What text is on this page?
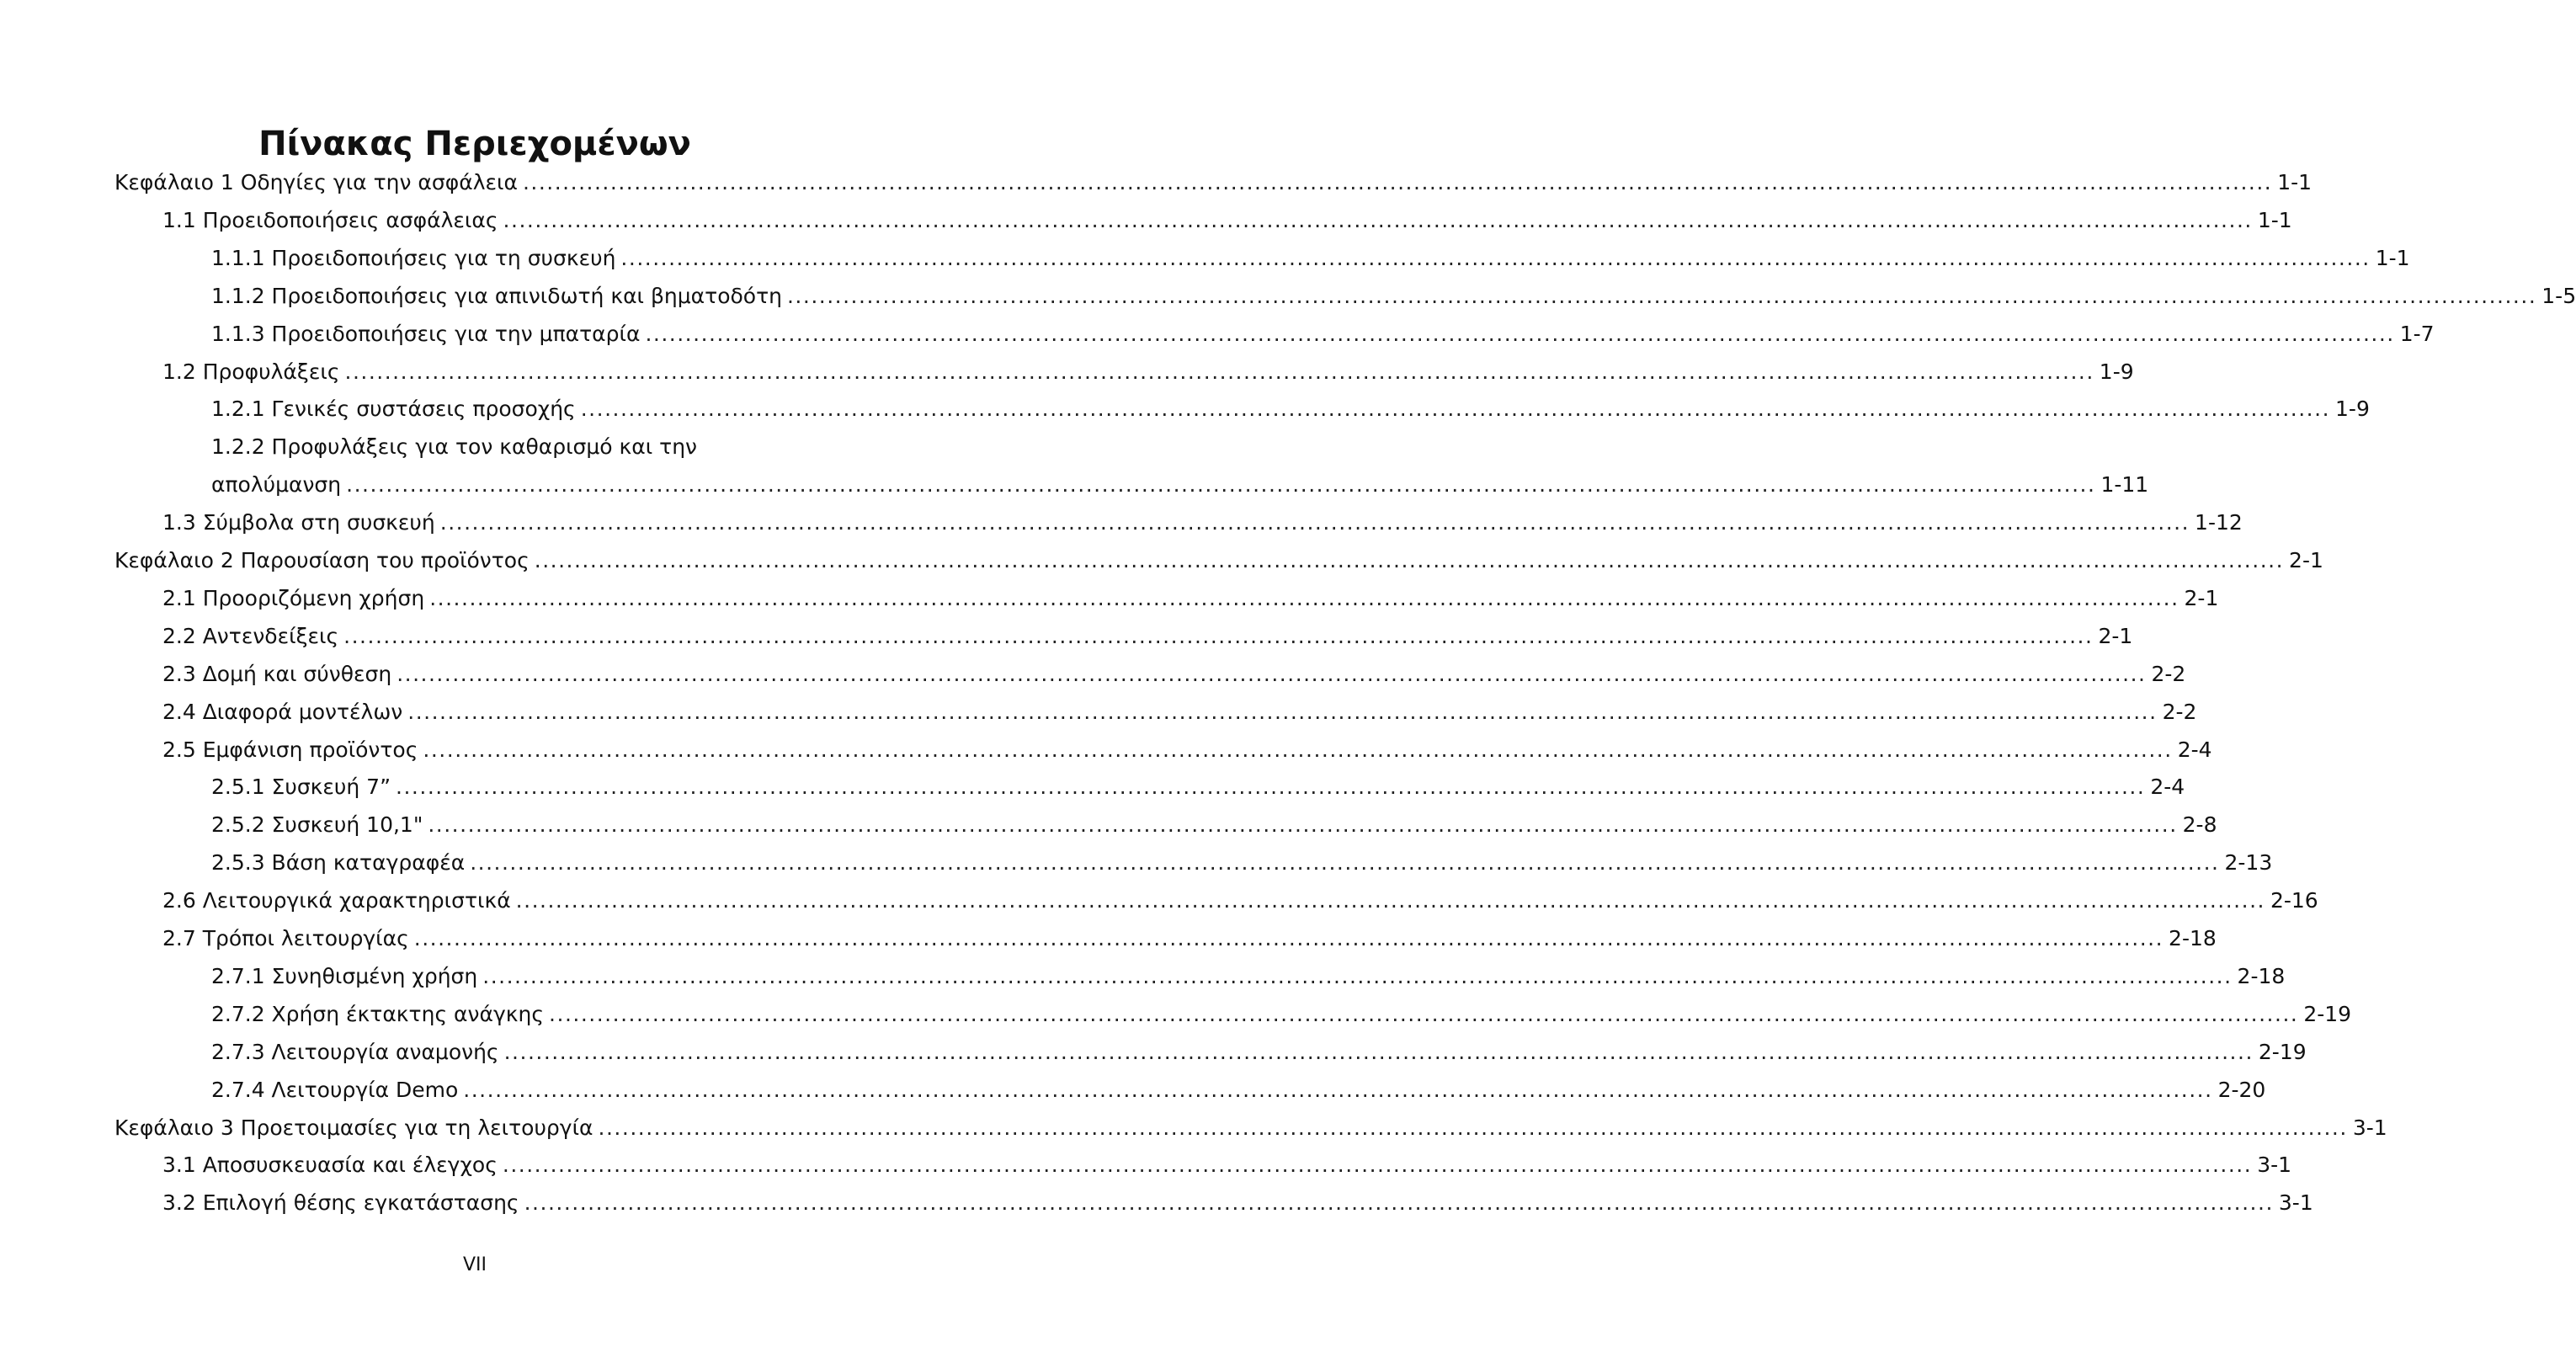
Πίνακας Περιεχομένων
Κεφάλαιο 1 Οδηγίες για την ασφάλεια ............................................................................................................................................................................................................................ 1-1
1.1 Προειδοποιήσεις ασφάλειας ............................................................................................................................................................................................................................ 1-1
1.1.1 Προειδοποιήσεις για τη συσκευή ............................................................................................................................................................................................................................ 1-1
1.1.2 Προειδοποιήσεις για απινιδωτή και βηματοδότη ............................................................................................................................................................................................................................ 1-5
1.1.3 Προειδοποιήσεις για την μπαταρία ............................................................................................................................................................................................................................ 1-7
1.2 Προφυλάξεις ............................................................................................................................................................................................................................ 1-9
1.2.1 Γενικές συστάσεις προσοχής ............................................................................................................................................................................................................................ 1-9
1.2.2 Προφυλάξεις για τον καθαρισμό και την
απολύμανση ............................................................................................................................................................................................................................ 1-11
1.3 Σύμβολα στη συσκευή ............................................................................................................................................................................................................................ 1-12
Κεφάλαιο 2 Παρουσίαση του προϊόντος ............................................................................................................................................................................................................................ 2-1
2.1 Προοριζόμενη χρήση ............................................................................................................................................................................................................................ 2-1
2.2 Αντενδείξεις ............................................................................................................................................................................................................................ 2-1
2.3 Δομή και σύνθεση ............................................................................................................................................................................................................................ 2-2
2.4 Διαφορά μοντέλων ............................................................................................................................................................................................................................ 2-2
2.5 Εμφάνιση προϊόντος ............................................................................................................................................................................................................................ 2-4
2.5.1 Συσκευή 7” ............................................................................................................................................................................................................................ 2-4
2.5.2 Συσκευή 10,1" ............................................................................................................................................................................................................................ 2-8
2.5.3 Βάση καταγραφέα ............................................................................................................................................................................................................................ 2-13
2.6 Λειτουργικά χαρακτηριστικά ............................................................................................................................................................................................................................ 2-16
2.7 Τρόποι λειτουργίας ............................................................................................................................................................................................................................ 2-18
2.7.1 Συνηθισμένη χρήση ............................................................................................................................................................................................................................ 2-18
2.7.2 Χρήση έκτακτης ανάγκης ............................................................................................................................................................................................................................ 2-19
2.7.3 Λειτουργία αναμονής ............................................................................................................................................................................................................................ 2-19
2.7.4 Λειτουργία Demo ............................................................................................................................................................................................................................ 2-20
Κεφάλαιο 3 Προετοιμασίες για τη λειτουργία ............................................................................................................................................................................................................................ 3-1
3.1 Αποσυσκευασία και έλεγχος ............................................................................................................................................................................................................................ 3-1
3.2 Επιλογή θέσης εγκατάστασης ............................................................................................................................................................................................................................ 3-1
VII
